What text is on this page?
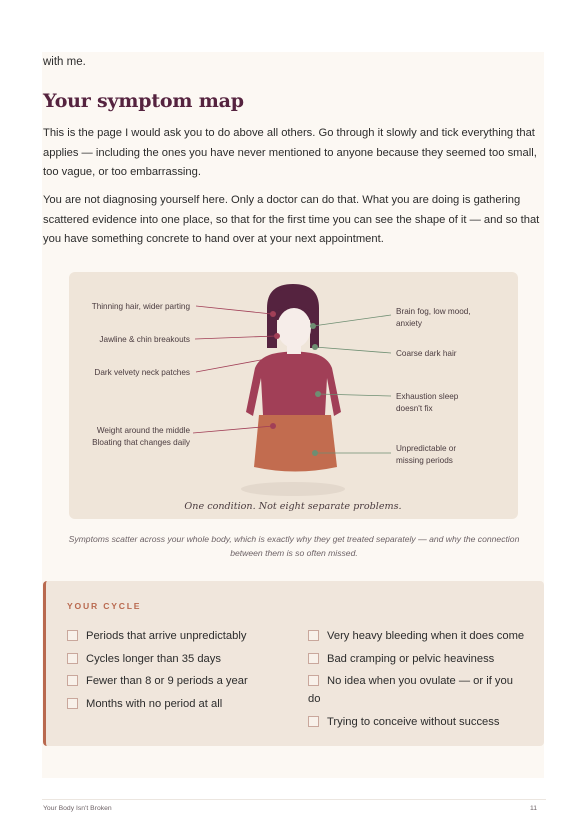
with me.
Your symptom map

This is the page I would ask you to do above all others. Go through it slowly and tick everything that applies — including the ones you have never mentioned to anyone because they seemed too small, too vague, or too embarrassing.

You are not diagnosing yourself here. Only a doctor can do that. What you are doing is gathering scattered evidence into one place, so that for the first time you can see the shape of it — and so that you have something concrete to hand over at your next appointment.

Thinning hair, wider parting
Jawline & chin breakouts
Dark velvety neck patches
Weight around the middle
Bloating that changes daily
Brain fog, low mood,
anxiety
Coarse dark hair
Exhaustion sleep
doesn't fix
Unpredictable or
missing periods
One condition. Not eight separate problems.

Symptoms scatter across your whole body, which is exactly why they get treated separately — and why the connection between them is so often missed.

YOUR CYCLE
Periods that arrive unpredictably
Cycles longer than 35 days
Fewer than 8 or 9 periods a year
Months with no period at all
Very heavy bleeding when it does come
Bad cramping or pelvic heaviness
No idea when you ovulate — or if you do
Trying to conceive without success
Your Body Isn't Broken	11
